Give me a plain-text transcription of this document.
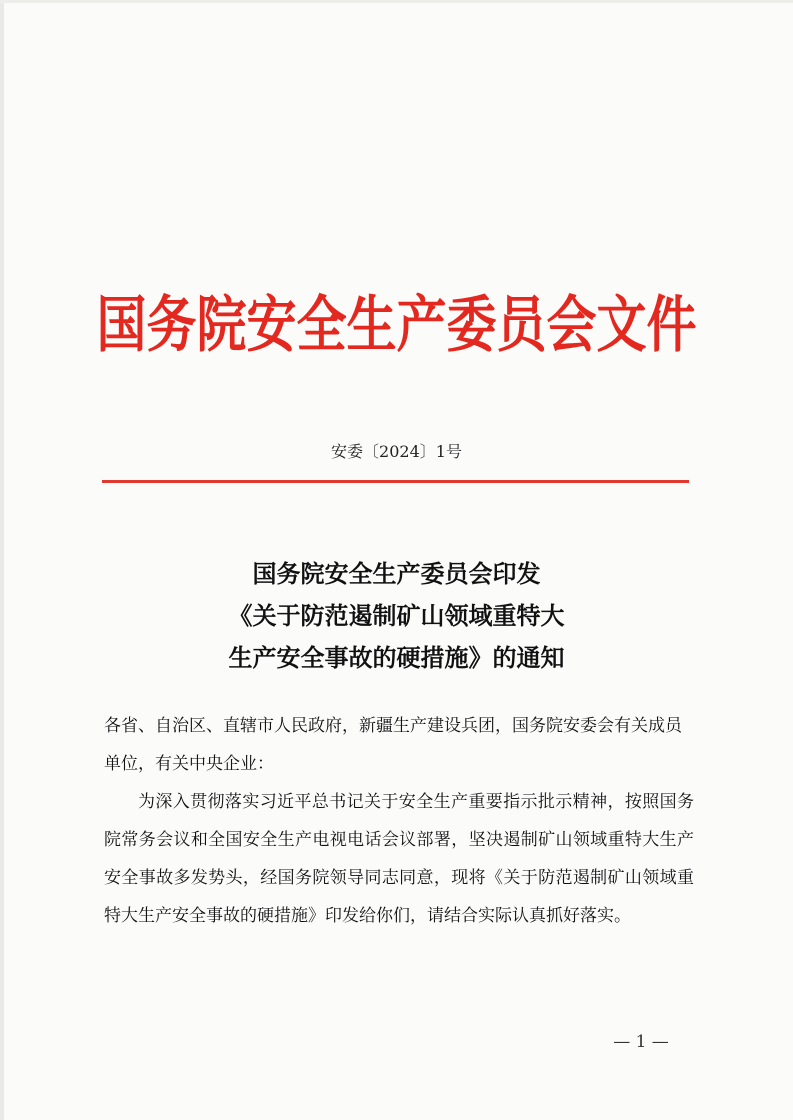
国务院安全生产委员会文件
安委〔2024〕1号
国务院安全生产委员会印发
《关于防范遏制矿山领域重特大
生产安全事故的硬措施》的通知
各省、自治区、直辖市人民政府，新疆生产建设兵团，国务院安委会有关成员单位，有关中央企业：
为深入贯彻落实习近平总书记关于安全生产重要指示批示精神，按照国务院常务会议和全国安全生产电视电话会议部署，坚决遏制矿山领域重特大生产安全事故多发势头，经国务院领导同志同意，现将《关于防范遏制矿山领域重特大生产安全事故的硬措施》印发给你们，请结合实际认真抓好落实。
— 1 —
